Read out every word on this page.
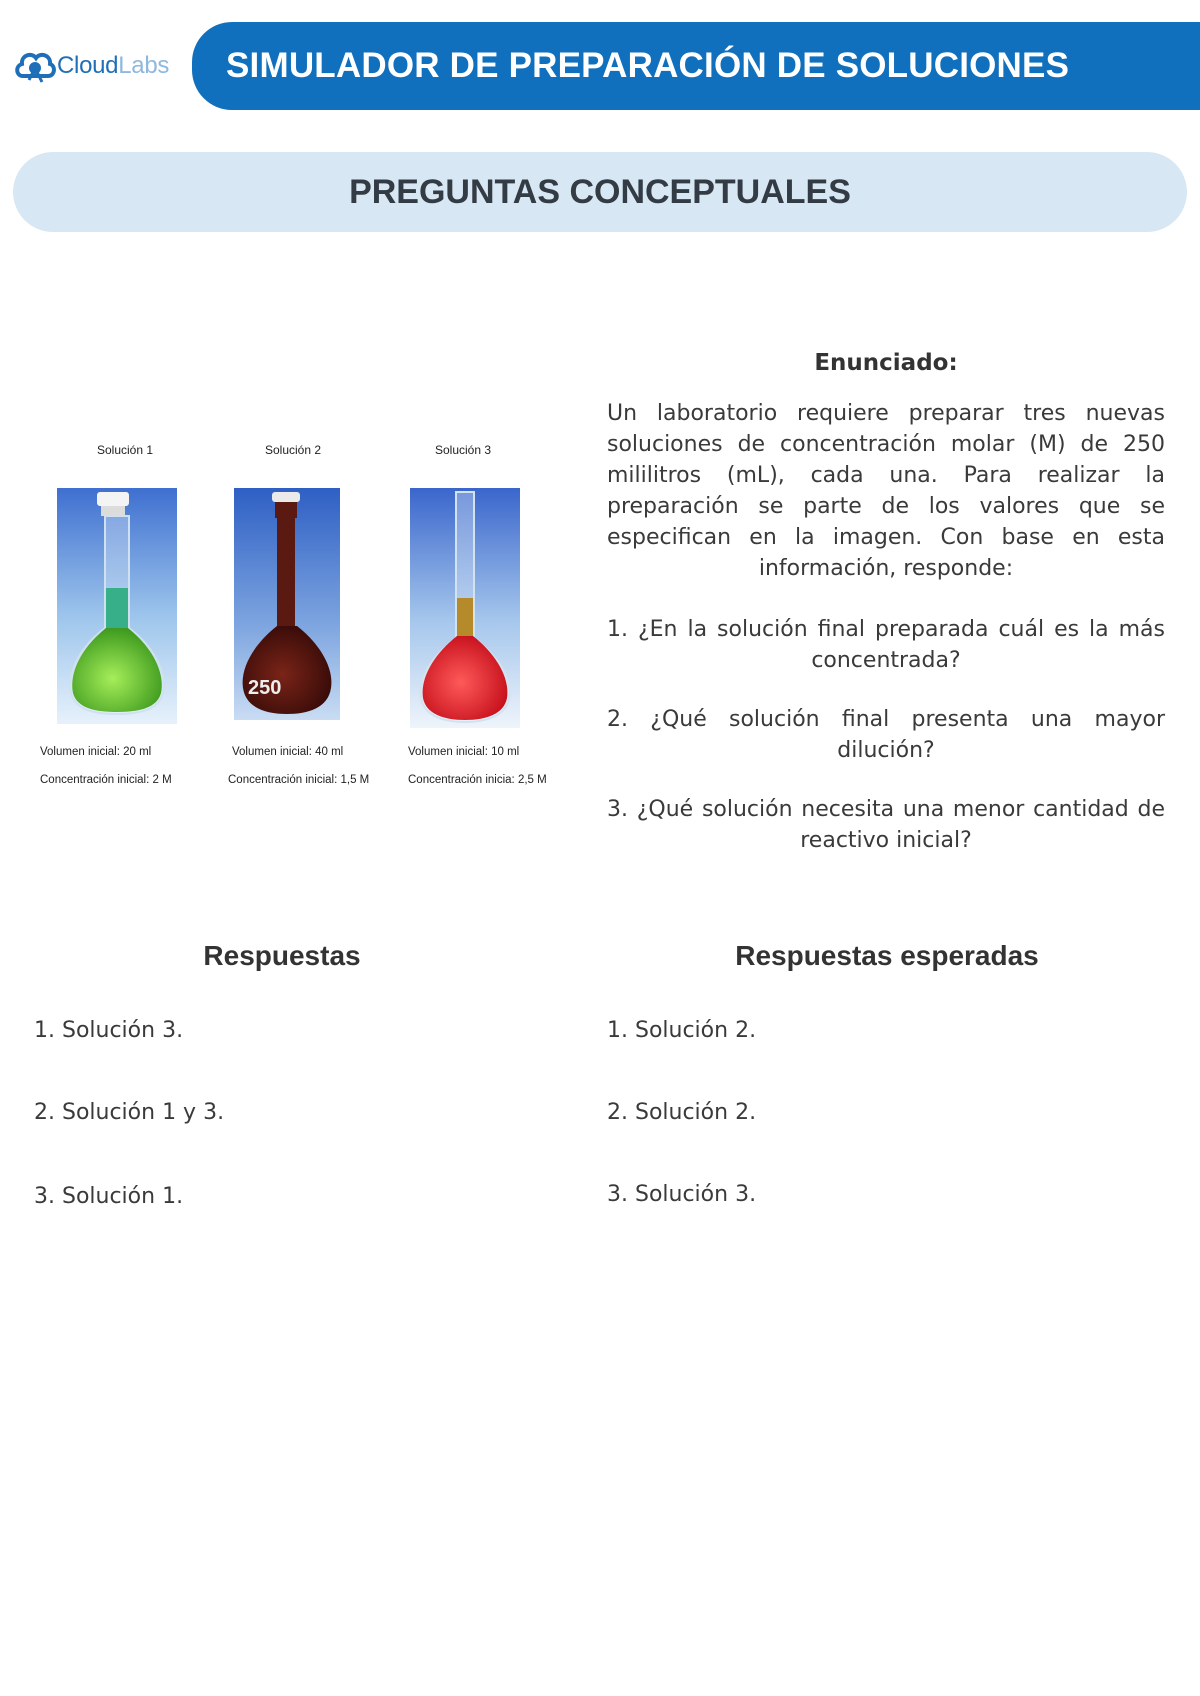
CloudLabs SIMULADOR DE PREPARACIÓN DE SOLUCIONES
PREGUNTAS CONCEPTUALES

Solución 1

Volumen inicial: 20 ml
Concentración inicial: 2 M

Solución 2

250
Volumen inicial: 40 ml
Concentración inicial: 1,5 M

Solución 3

Volumen inicial: 10 ml
Concentración inicia: 2,5 M
Enunciado:

Un laboratorio requiere preparar tres nuevas soluciones de concentración molar (M) de 250 mililitros (mL), cada una. Para realizar la preparación se parte de los valores que se especifican en la imagen. Con base en esta información, responde:

1. ¿En la solución final preparada cuál es la más concentrada?
2. ¿Qué solución final presenta una mayor dilución?
3. ¿Qué solución necesita una menor cantidad de reactivo inicial?
Respuestas
1. Solución 3.
2. Solución 1 y 3.
3. Solución 1.
Respuestas esperadas
1. Solución 2.
2. Solución 2.
3. Solución 3.
